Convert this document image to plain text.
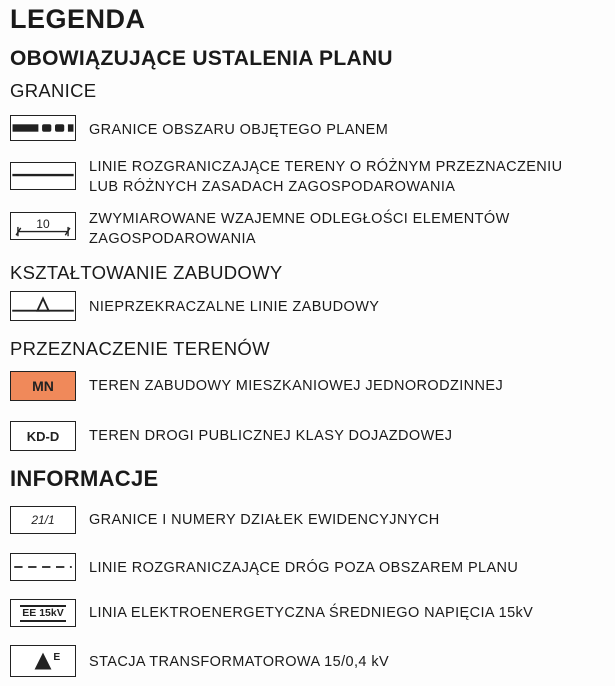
LEGENDA
OBOWIĄZUJĄCE USTALENIA PLANU
GRANICE
GRANICE OBSZARU OBJĘTEGO PLANEM
LINIE ROZGRANICZAJĄCE TERENY O RÓŻNYM PRZEZNACZENIU
LUB RÓŻNYCH ZASADACH ZAGOSPODAROWANIA
10	ZWYMIAROWANE WZAJEMNE ODLEGŁOŚCI ELEMENTÓW
ZAGOSPODAROWANIA
KSZTAŁTOWANIE ZABUDOWY
NIEPRZEKRACZALNE LINIE ZABUDOWY
PRZEZNACZENIE TERENÓW
MN	TEREN ZABUDOWY MIESZKANIOWEJ JEDNORODZINNEJ
KD-D	TEREN DROGI PUBLICZNEJ KLASY DOJAZDOWEJ
INFORMACJE
21/1 GRANICE I NUMERY DZIAŁEK EWIDENCYJNYCH
LINIE ROZGRANICZAJĄCE DRÓG POZA OBSZAREM PLANU
EE 15kV LINIA ELEKTROENERGETYCZNA ŚREDNIEGO NAPIĘCIA 15kV
E STACJA TRANSFORMATOROWA 15/0,4 kV
